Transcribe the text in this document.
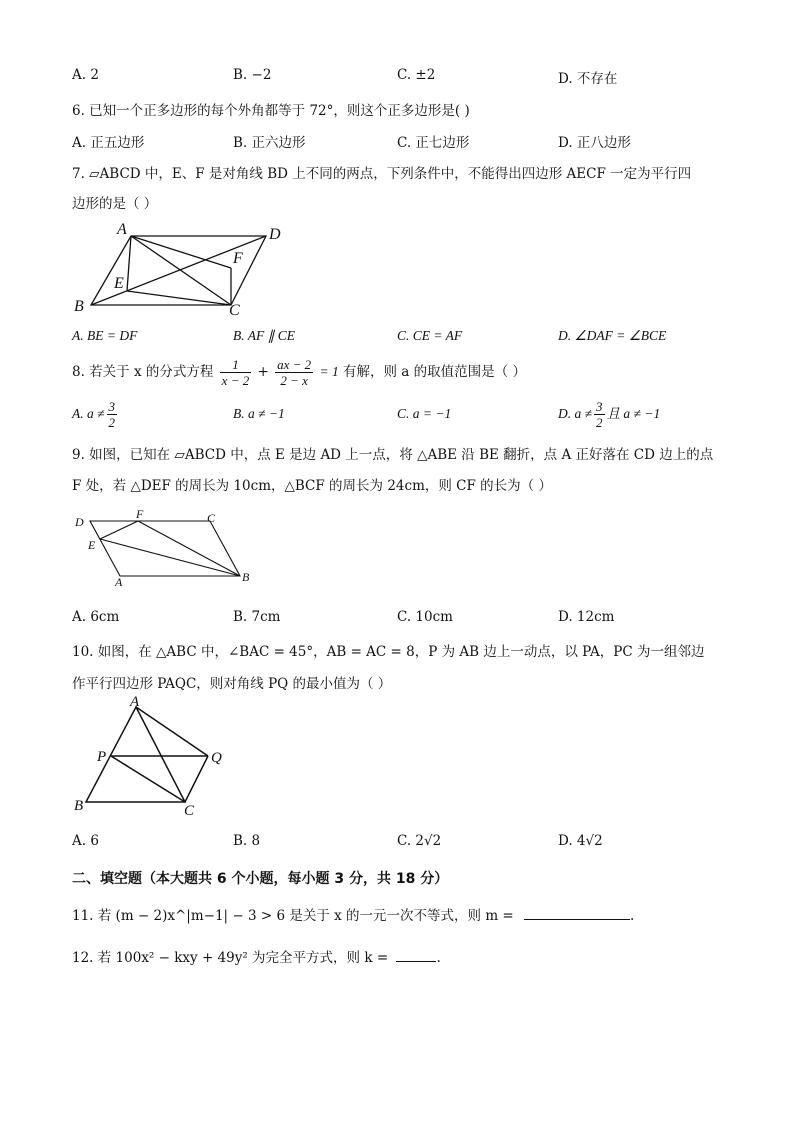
A. 2	B. −2	C. ±2	D. 不存在
6. 已知一个正多边形的每个外角都等于 72°，则这个正多边形是( )
A. 正五边形	B. 正六边形	C. 正七边形	D. 正八边形
7. ▱ABCD 中，E、F 是对角线 BD 上不同的两点，下列条件中，不能得出四边形 AECF 一定为平行四
边形的是（ ）
A	D
B	C
E
F
A. BE = DF	B. AF ∥ CE	C. CE = AF	D. ∠DAF = ∠BCE
8. 若关于 x 的分式方程 $\frac{1}{x - 2} + \frac{ax - 2}{2 - x} = 1$ 有解，则 a 的取值范围是（ ）
A. $a \ne \frac{3}{2}$	B. a ≠ −1	C. a = −1	D. $a \ne \frac{3}{2}$ 且 a ≠ −1
9. 如图，已知在 ▱ABCD 中，点 E 是边 AD 上一点，将 △ABE 沿 BE 翻折，点 A 正好落在 CD 边上的点
F 处，若 △DEF 的周长为 10cm，△BCF 的周长为 24cm，则 CF 的长为（ ）
D
F	C
E
A	B
A. 6cm	B. 7cm	C. 10cm	D. 12cm
10. 如图，在 △ABC 中，∠BAC = 45°，AB = AC = 8，P 为 AB 边上一动点，以 PA，PC 为一组邻边
作平行四边形 PAQC，则对角线 PQ 的最小值为（ ）
A
P	Q
B	C
A. 6	B. 8	C. 2√2	D. 4√2
二、填空题（本大题共 6 个小题，每小题 3 分，共 18 分）
11. 若 (m − 2)x^|m−1| − 3 > 6 是关于 x 的一元一次不等式，则 m =	.
12. 若 100x² − kxy + 49y² 为完全平方式，则 k =	.
